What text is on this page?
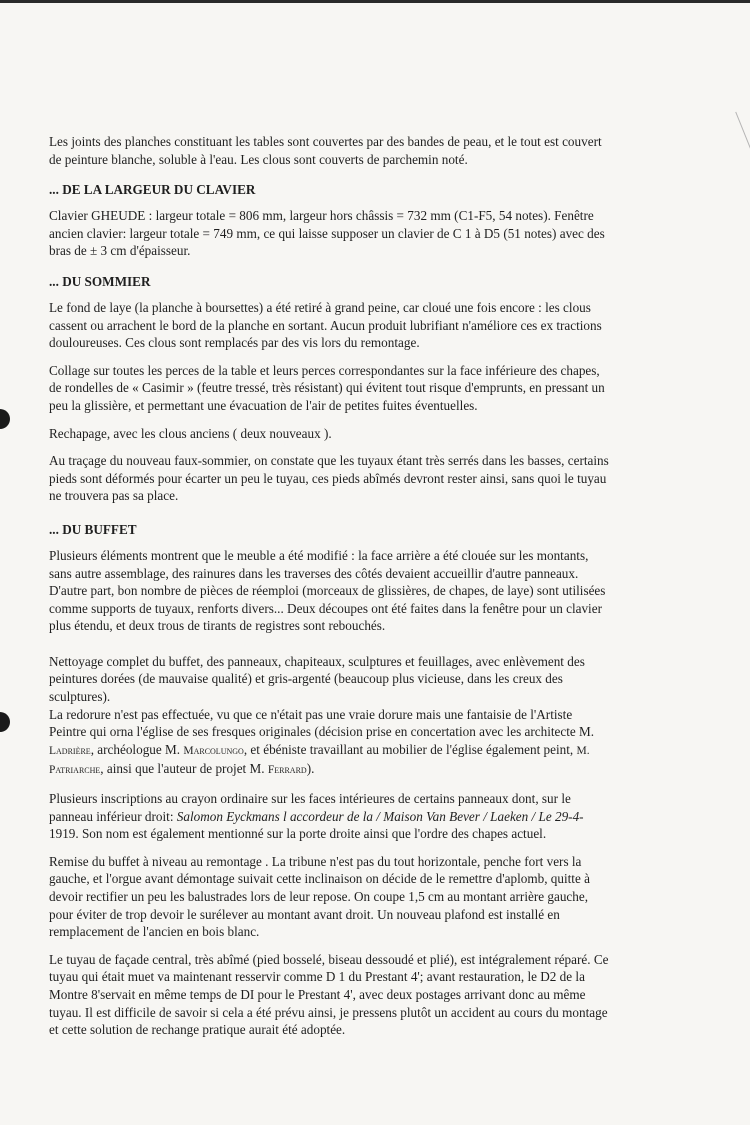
Les joints des planches constituant les tables sont couvertes par des bandes de peau, et le tout est couvert de peinture blanche, soluble à l'eau. Les clous sont couverts de parchemin noté.

... DE LA LARGEUR DU CLAVIER

Clavier GHEUDE : largeur totale = 806 mm, largeur hors châssis = 732 mm (C1-F5, 54 notes). Fenêtre ancien clavier: largeur totale = 749 mm, ce qui laisse supposer un clavier de C 1 à D5 (51 notes) avec des bras de ± 3 cm d'épaisseur.

... DU SOMMIER

Le fond de laye (la planche à boursettes) a été retiré à grand peine, car cloué une fois encore : les clous cassent ou arrachent le bord de la planche en sortant. Aucun produit lubrifiant n'améliore ces ex tractions douloureuses. Ces clous sont remplacés par des vis lors du remontage.

Collage sur toutes les perces de la table et leurs perces correspondantes sur la face inférieure des chapes, de rondelles de « Casimir » (feutre tressé, très résistant) qui évitent tout risque d'emprunts, en pressant un peu la glissière, et permettant une évacuation de l'air de petites fuites éventuelles.

Rechapage, avec les clous anciens ( deux nouveaux ).

Au traçage du nouveau faux-sommier, on constate que les tuyaux étant très serrés dans les basses, certains pieds sont déformés pour écarter un peu le tuyau, ces pieds abîmés devront rester ainsi, sans quoi le tuyau ne trouvera pas sa place.

... DU BUFFET

Plusieurs éléments montrent que le meuble a été modifié : la face arrière a été clouée sur les montants, sans autre assemblage, des rainures dans les traverses des côtés devaient accueillir d'autre panneaux. D'autre part, bon nombre de pièces de réemploi (morceaux de glissières, de chapes, de laye) sont utilisées comme supports de tuyaux, renforts divers... Deux découpes ont été faites dans la fenêtre pour un clavier plus étendu, et deux trous de tirants de registres sont rebouchés.

Nettoyage complet du buffet, des panneaux, chapiteaux, sculptures et feuillages, avec enlèvement des peintures dorées (de mauvaise qualité) et gris-argenté (beaucoup plus vicieuse, dans les creux des sculptures).

La redorure n'est pas effectuée, vu que ce n'était pas une vraie dorure mais une fantaisie de l'Artiste Peintre qui orna l'église de ses fresques originales (décision prise en concertation avec les architecte M. Ladrière, archéologue M. Marcolungo, et ébéniste travaillant au mobilier de l'église également peint, M. Patriarche, ainsi que l'auteur de projet M. Ferrard).

Plusieurs inscriptions au crayon ordinaire sur les faces intérieures de certains panneaux dont, sur le panneau inférieur droit: Salomon Eyckmans l accordeur de la / Maison Van Bever / Laeken / Le 29-4- 1919. Son nom est également mentionné sur la porte droite ainsi que l'ordre des chapes actuel.

Remise du buffet à niveau au remontage . La tribune n'est pas du tout horizontale, penche fort vers la gauche, et l'orgue avant démontage suivait cette inclinaison on décide de le remettre d'aplomb, quitte à devoir rectifier un peu les balustrades lors de leur repose. On coupe 1,5 cm au montant arrière gauche, pour éviter de trop devoir le surélever au montant avant droit. Un nouveau plafond est installé en remplacement de l'ancien en bois blanc.

Le tuyau de façade central, très abîmé (pied bosselé, biseau dessoudé et plié), est intégralement réparé. Ce tuyau qui était muet va maintenant resservir comme D 1 du Prestant 4'; avant restauration, le D2 de la Montre 8'servait en même temps de DI pour le Prestant 4', avec deux postages arrivant donc au même tuyau. Il est difficile de savoir si cela a été prévu ainsi, je pressens plutôt un accident au cours du montage et cette solution de rechange pratique aurait été adoptée.
